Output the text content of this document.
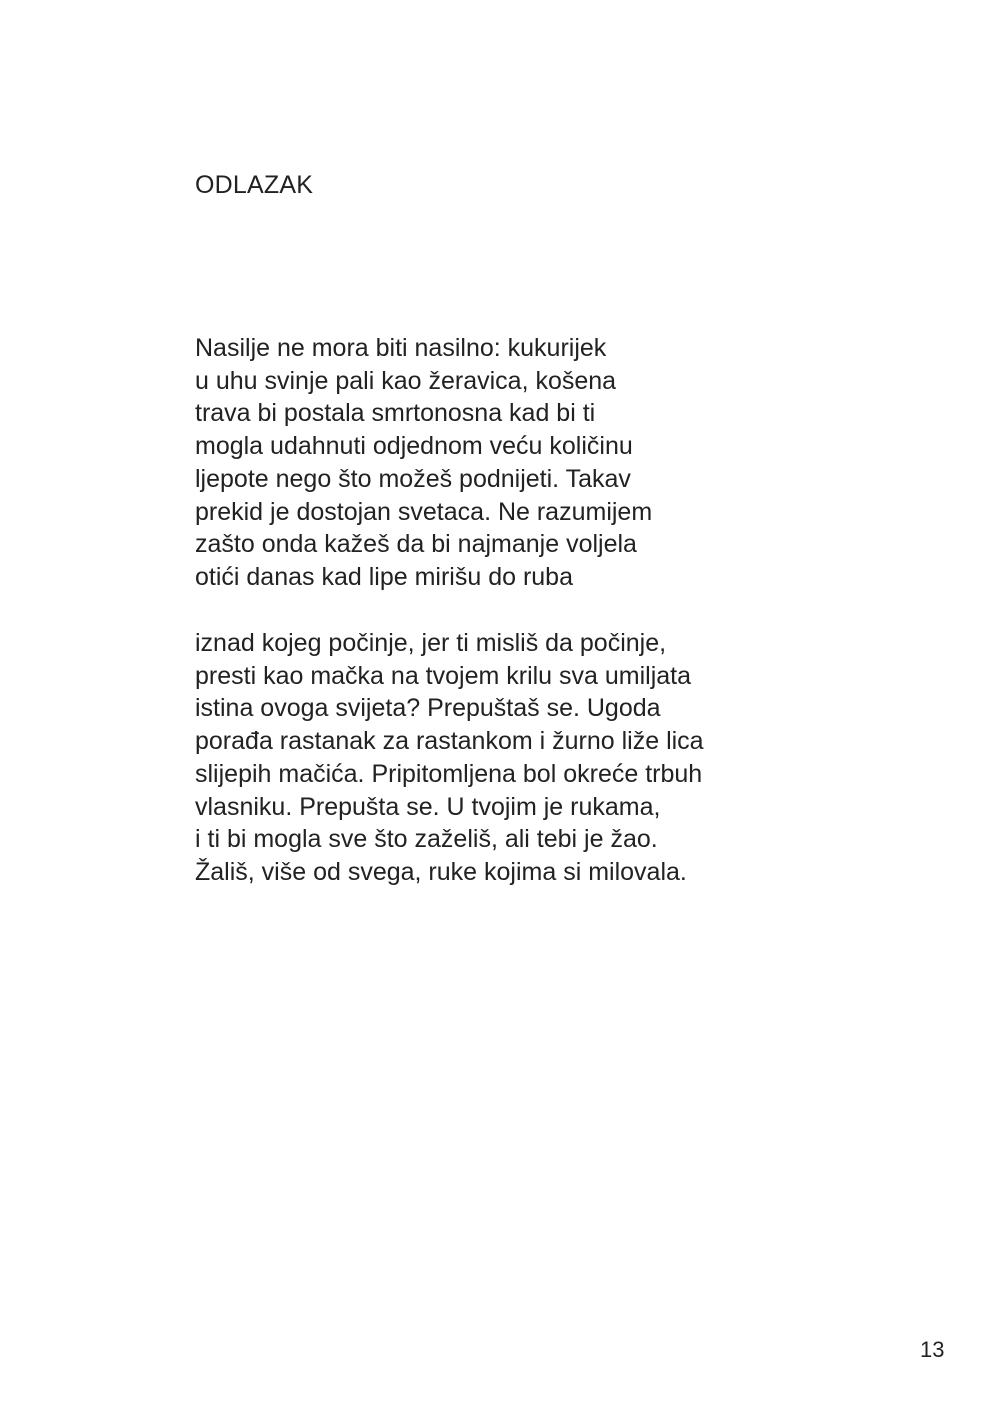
ODLAZAK

Nasilje ne mora biti nasilno: kukurijek
u uhu svinje pali kao žeravica, košena
trava bi postala smrtonosna kad bi ti
mogla udahnuti odjednom veću količinu
ljepote nego što možeš podnijeti. Takav
prekid je dostojan svetaca. Ne razumijem
zašto onda kažeš da bi najmanje voljela
otići danas kad lipe mirišu do ruba

iznad kojeg počinje, jer ti misliš da počinje,
presti kao mačka na tvojem krilu sva umiljata
istina ovoga svijeta? Prepuštaš se. Ugoda
porađa rastanak za rastankom i žurno liže lica
slijepih mačića. Pripitomljena bol okreće trbuh
vlasniku. Prepušta se. U tvojim je rukama,
i ti bi mogla sve što zaželiš, ali tebi je žao.
Žališ, više od svega, ruke kojima si milovala.

13
